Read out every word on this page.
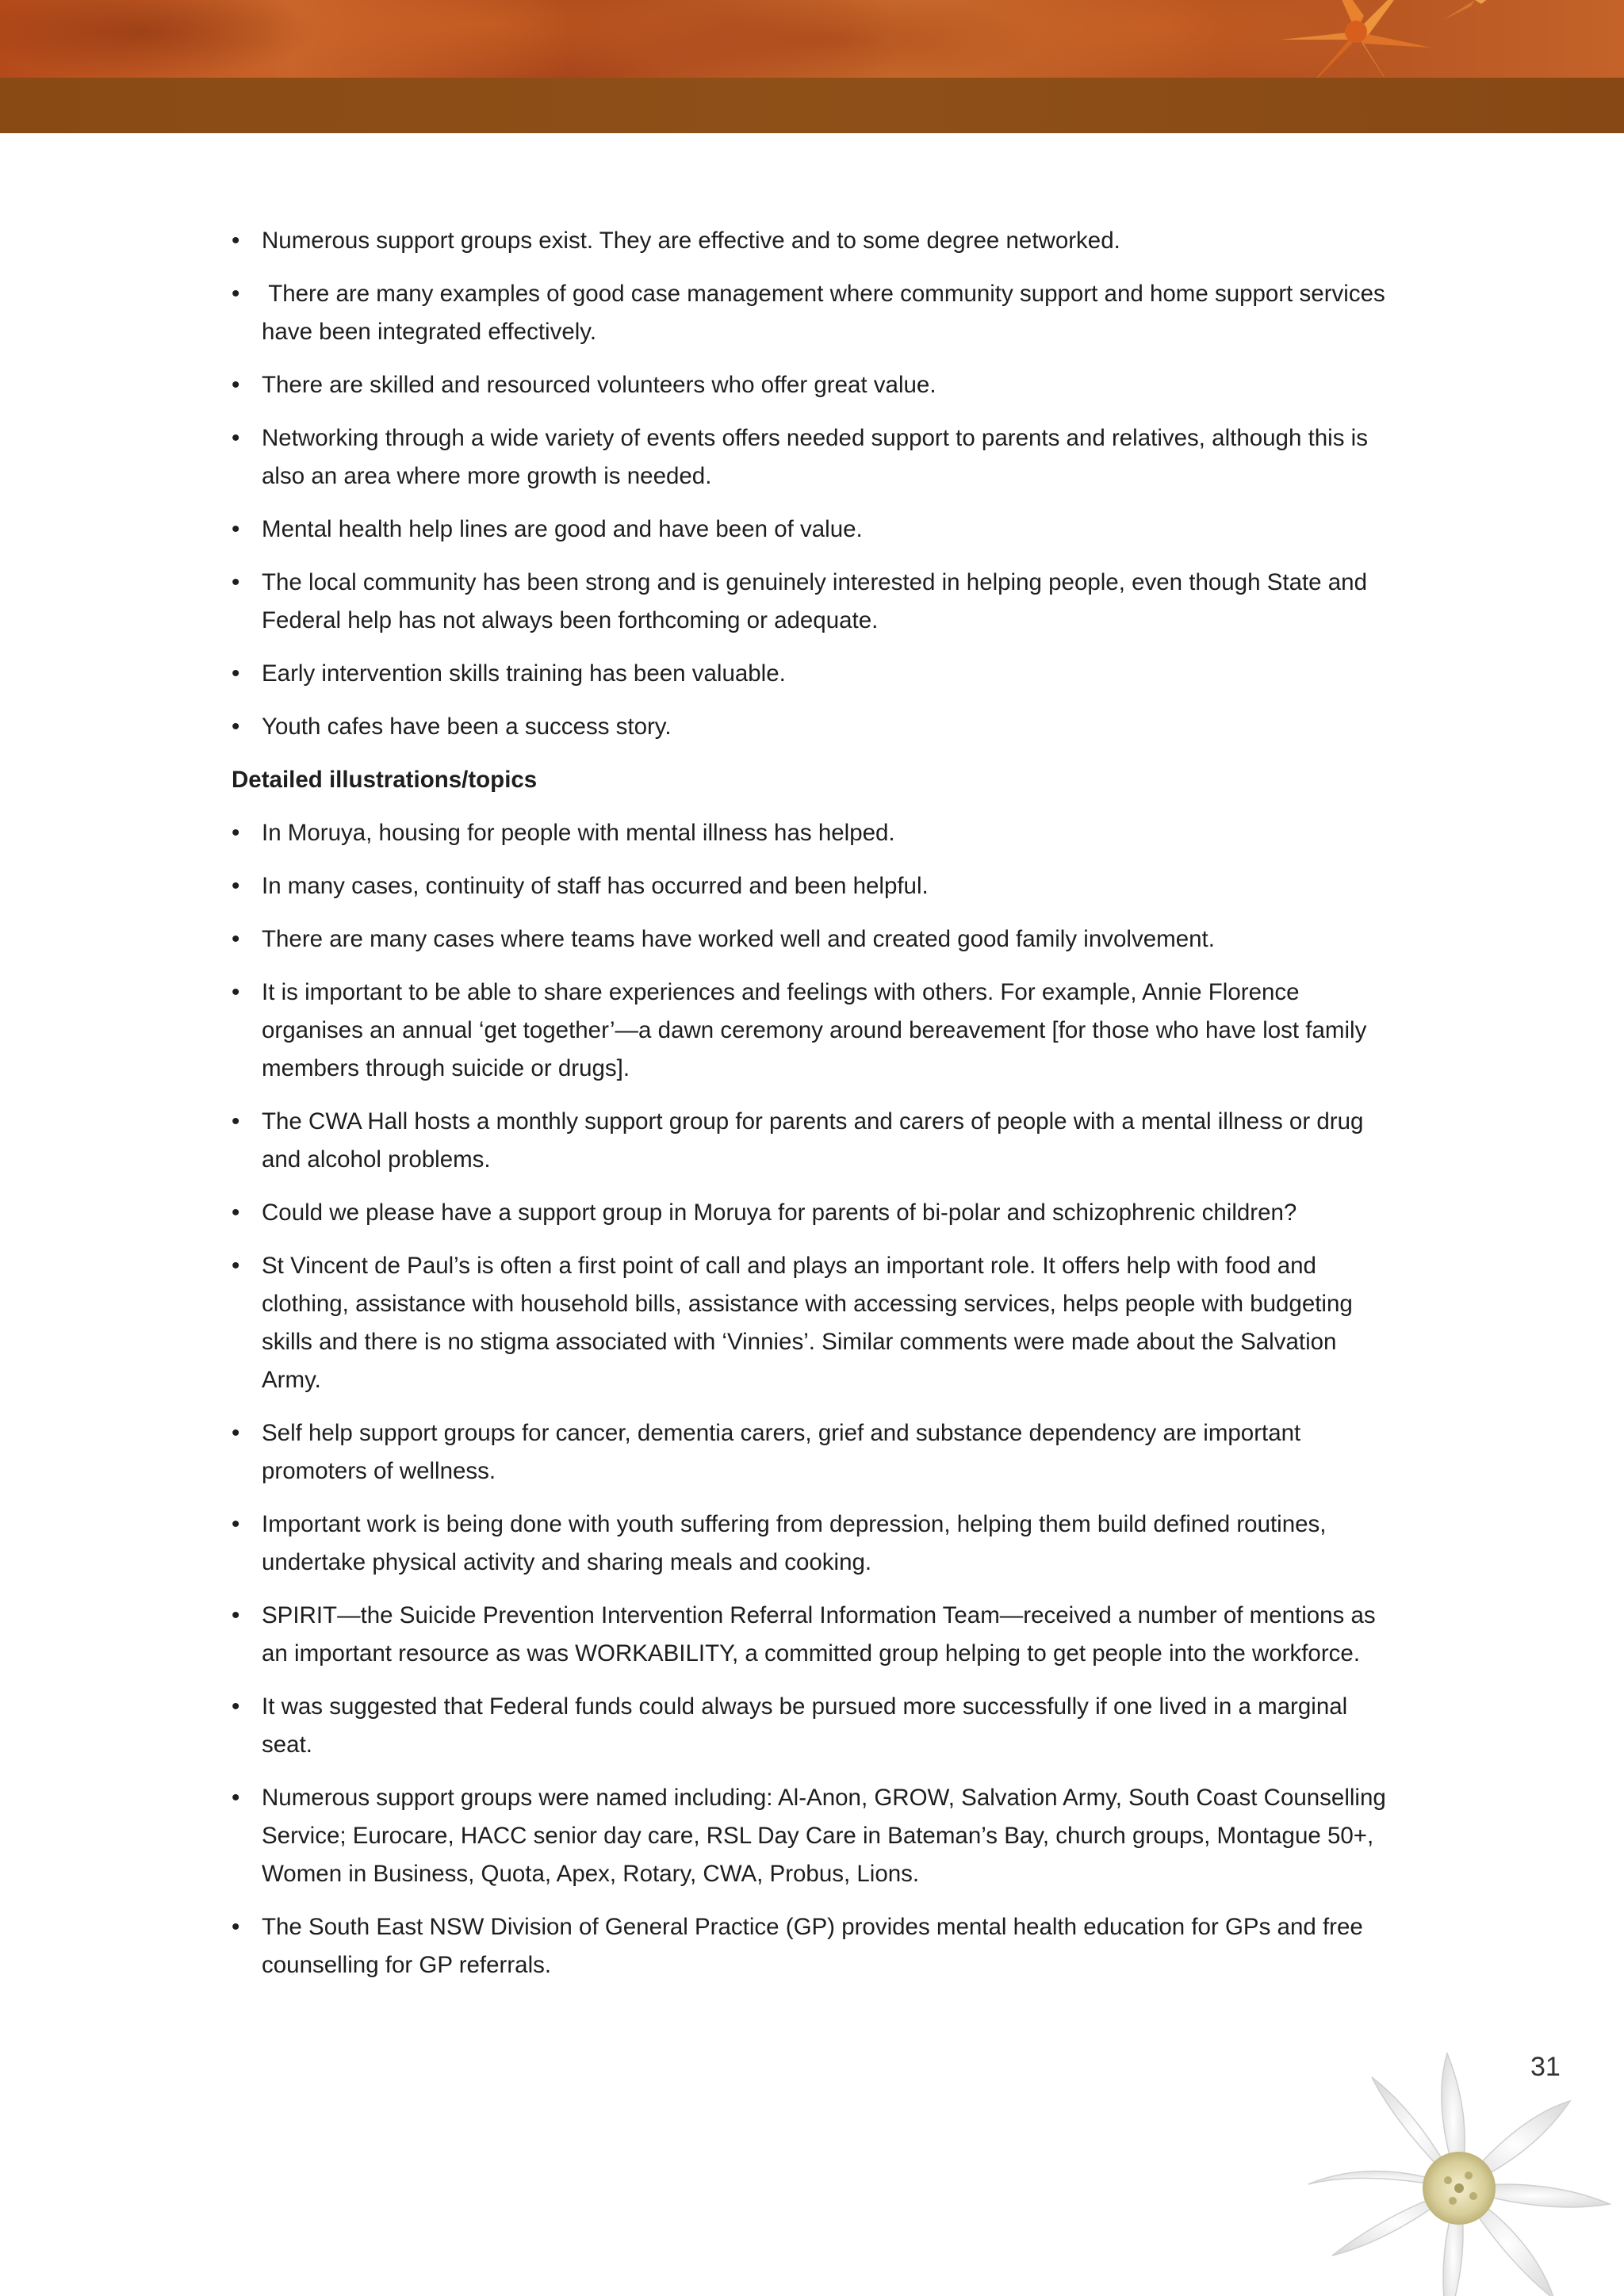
• Numerous support groups exist. They are effective and to some degree networked.
• There are many examples of good case management where community support and home support services have been integrated effectively.
• There are skilled and resourced volunteers who offer great value.
• Networking through a wide variety of events offers needed support to parents and relatives, although this is also an area where more growth is needed.
• Mental health help lines are good and have been of value.
• The local community has been strong and is genuinely interested in helping people, even though State and Federal help has not always been forthcoming or adequate.
• Early intervention skills training has been valuable.
• Youth cafes have been a success story.
Detailed illustrations/topics
• In Moruya, housing for people with mental illness has helped.
• In many cases, continuity of staff has occurred and been helpful.
• There are many cases where teams have worked well and created good family involvement.
• It is important to be able to share experiences and feelings with others. For example, Annie Florence organises an annual ‘get together’—a dawn ceremony around bereavement [for those who have lost family members through suicide or drugs].
• The CWA Hall hosts a monthly support group for parents and carers of people with a mental illness or drug and alcohol problems.
• Could we please have a support group in Moruya for parents of bi-polar and schizophrenic children?
• St Vincent de Paul’s is often a first point of call and plays an important role. It offers help with food and clothing, assistance with household bills, assistance with accessing services, helps people with budgeting skills and there is no stigma associated with ‘Vinnies’. Similar comments were made about the Salvation Army.
• Self help support groups for cancer, dementia carers, grief and substance dependency are important promoters of wellness.
• Important work is being done with youth suffering from depression, helping them build defined routines, undertake physical activity and sharing meals and cooking.
• SPIRIT—the Suicide Prevention Intervention Referral Information Team—received a number of mentions as an important resource as was WORKABILITY, a committed group helping to get people into the workforce.
• It was suggested that Federal funds could always be pursued more successfully if one lived in a marginal seat.
• Numerous support groups were named including: Al-Anon, GROW, Salvation Army, South Coast Counselling Service; Eurocare, HACC senior day care, RSL Day Care in Bateman’s Bay, church groups, Montague 50+, Women in Business, Quota, Apex, Rotary, CWA, Probus, Lions.
• The South East NSW Division of General Practice (GP) provides mental health education for GPs and free counselling for GP referrals.
31
